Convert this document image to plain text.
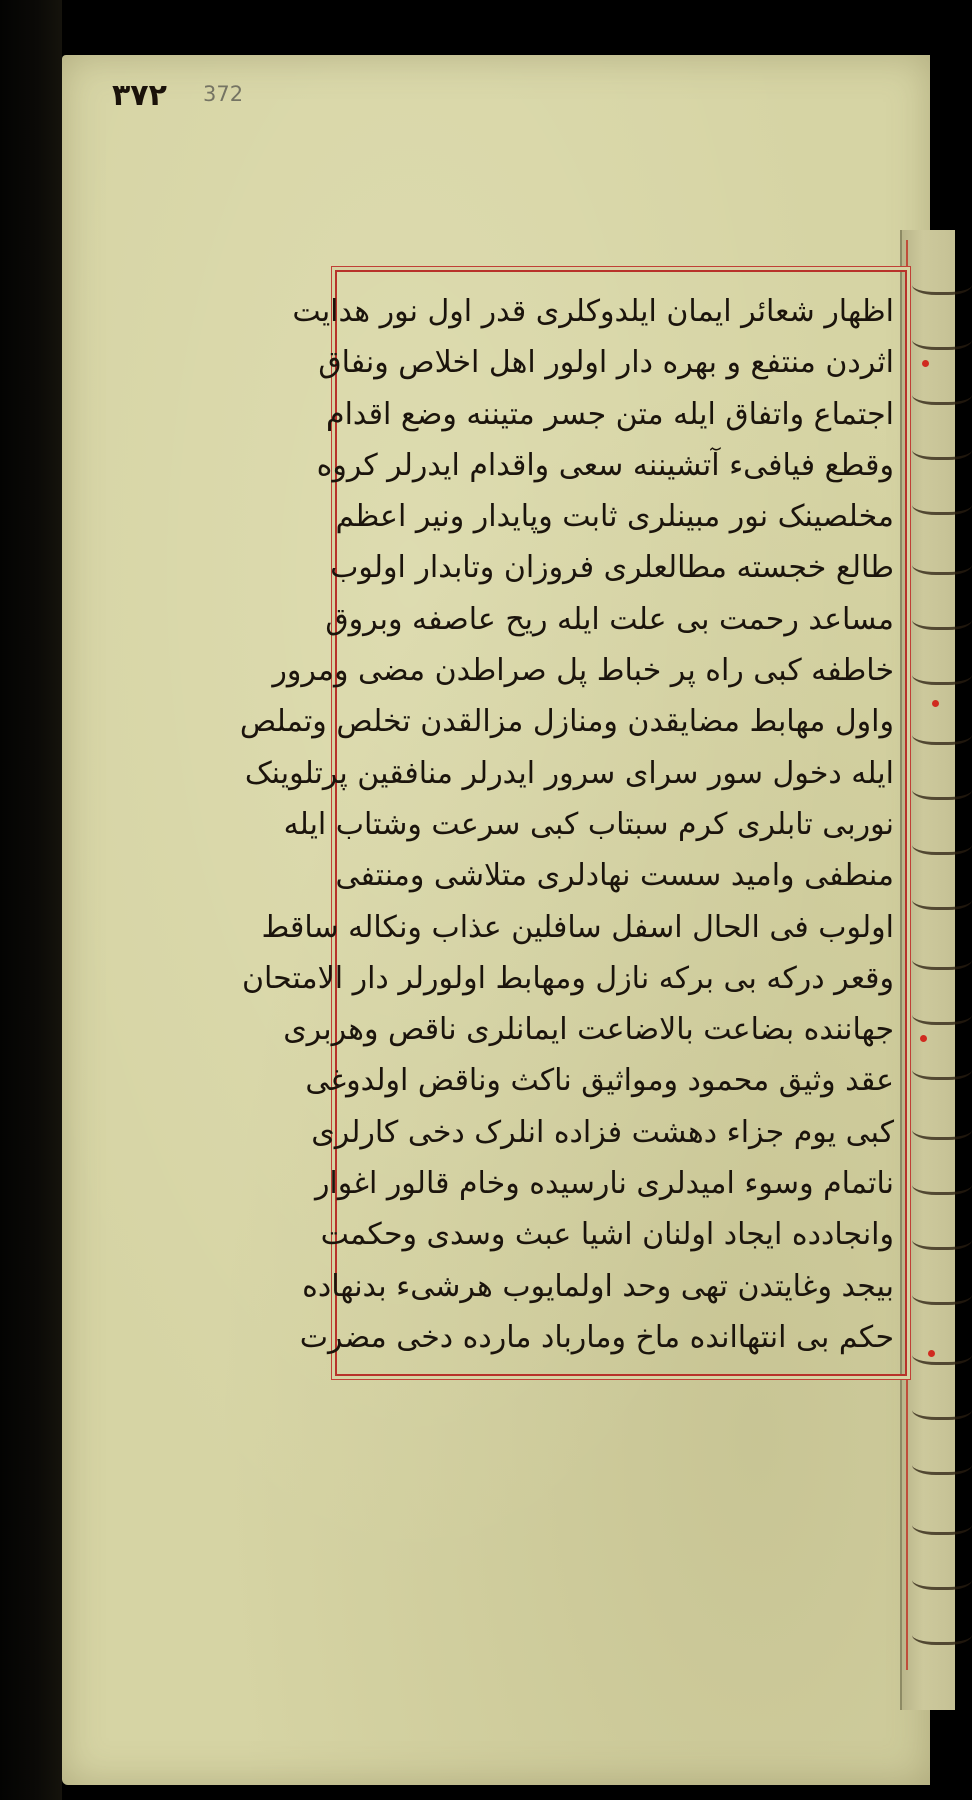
٣٧٢ 372
اظهار شعائر ایمان ایلدوکلری قدر اول نور هدایت
اثردن منتفع و بهره دار اولور اهل اخلاص ونفاق
اجتماع واتفاق ایله متن جسر متیننه وضع اقدام
وقطع فیافیء آتشیننه سعی واقدام ایدرلر کروه
مخلصینک نور مبینلری ثابت وپایدار ونیر اعظم
طالع خجسته مطالعلری فروزان وتابدار اولوب
مساعد رحمت بی علت ایله ریح عاصفه وبروق
خاطفه کبی راه پر خباط پل صراطدن مضی ومرور
واول مهابط مضایقدن ومنازل مزالقدن تخلص وتملص
ایله دخول سور سرای سرور ایدرلر منافقین پرتلوینک
نوربی تابلری کرم سبتاب کبی سرعت وشتاب ایله
منطفی وامید سست نهادلری متلاشی ومنتفی
اولوب فی الحال اسفل سافلین عذاب ونکاله ساقط
وقعر درکه بی برکه نازل ومهابط اولورلر دار الامتحان
جهاننده بضاعت بالاضاعت ایمانلری ناقص وهربری
عقد وثیق محمود ومواثیق ناکث وناقض اولدوغی
کبی یوم جزاء دهشت فزاده انلرک دخی کارلری
ناتمام وسوء امیدلری نارسیده وخام قالور اغوار
وانجادده ایجاد اولنان اشیا عبث وسدی وحکمت
بیجد وغایتدن تهی وحد اولمایوب هرشیء بدنهاده
حکم بی انتهاانده ماخ ومارباد مارده دخی مضرت
